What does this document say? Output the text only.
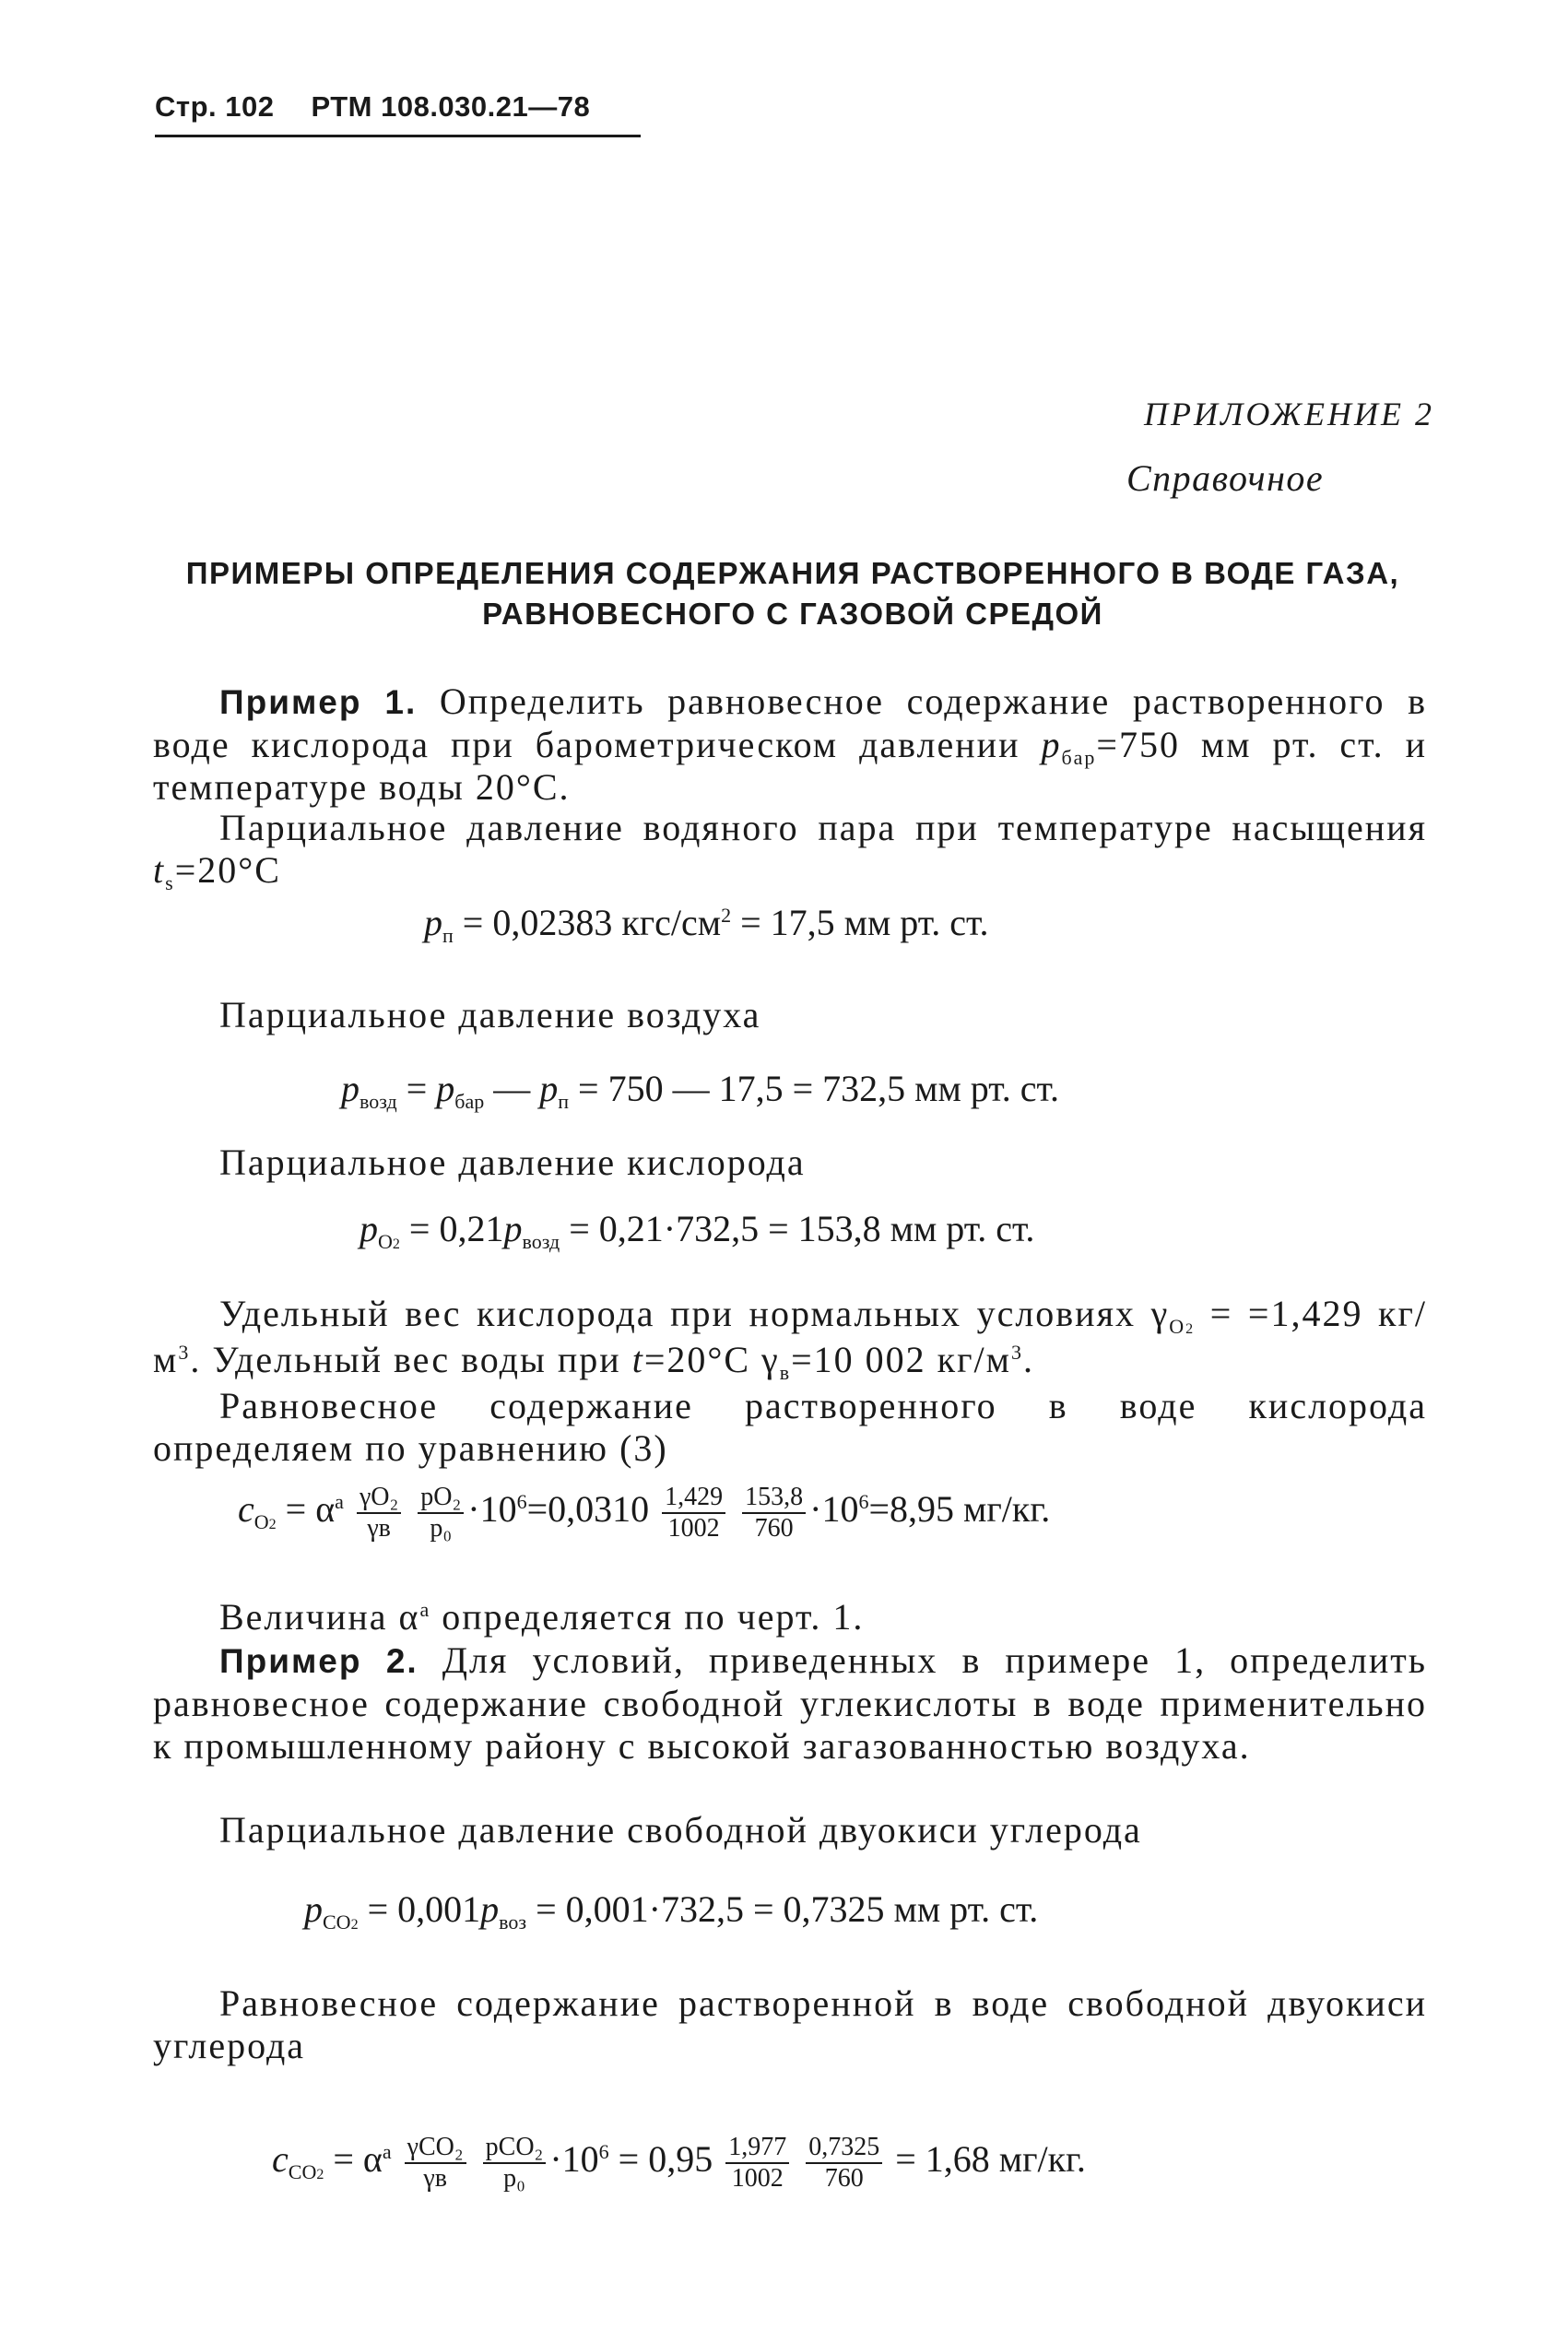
Стр. 102 РТМ 108.030.21—78
ПРИЛОЖЕНИЕ 2
Справочное
ПРИМЕРЫ ОПРЕДЕЛЕНИЯ СОДЕРЖАНИЯ РАСТВОРЕННОГО В ВОДЕ ГАЗА, РАВНОВЕСНОГО С ГАЗОВОЙ СРЕДОЙ
Пример 1. Определить равновесное содержание растворенного в воде кислорода при барометрическом давлении $p_{бар}=750$ мм рт. ст. и температуре воды 20°С.
Парциальное давление водяного пара при температуре насыщения $t_s=20^\circ С$
$p_п = 0,02383$ кгс/$см^2 = 17,5$ мм рт. ст.
Парциальное давление воздуха
$p_{возд} = p_{бар}$ — $p_п = 750$ — 17,5 = 732,5 мм рт. ст.
Парциальное давление кислорода
$p_{O2} = 0,21p_{возд} = 0,21\cdot 732,5 = 153,8$ мм рт. ст.
Удельный вес кислорода при нормальных условиях $\gamma_{O2} = =1,429$ $кг/м^3$. Удельный вес воды при t=20°С $\gamma_в=10$ 002 $кг/м^3$.
Равновесное содержание растворенного в воде кислорода определяем по уравнению (3)
$c_{O2} = \alpha^a \frac{\text{γO₂}}{\gamma в}$
$\frac{\text{pO₂}}{\text{p₀}} \cdot 10^6=0,0310 \frac{1,429}{1002}$
$\frac{153,8}{760} \cdot 10^6=8,95$ мг/кг.
Величина $\alpha^a$ определяется по черт. 1.
Пример 2. Для условий, приведенных в примере 1, определить равновесное содержание свободной углекислоты в воде применительно к промышленному району с высокой загазованностью воздуха.
Парциальное давление свободной двуокиси углерода
$p_{CO2} = 0,001p_{воз} = 0,001\cdot 732,5 = 0,7325$ мм рт. ст.
Равновесное содержание растворенной в воде свободной двуокиси углерода
$c_{CO2} = \alpha^a \frac{\text{γCO₂}}{\gamma в}$
$\frac{\text{pCO₂}}{\text{p₀}} \cdot 10^6 = 0,95 \frac{1,977}{1002}$
$\frac{0,7325}{760} = 1,68$ мг/кг.
